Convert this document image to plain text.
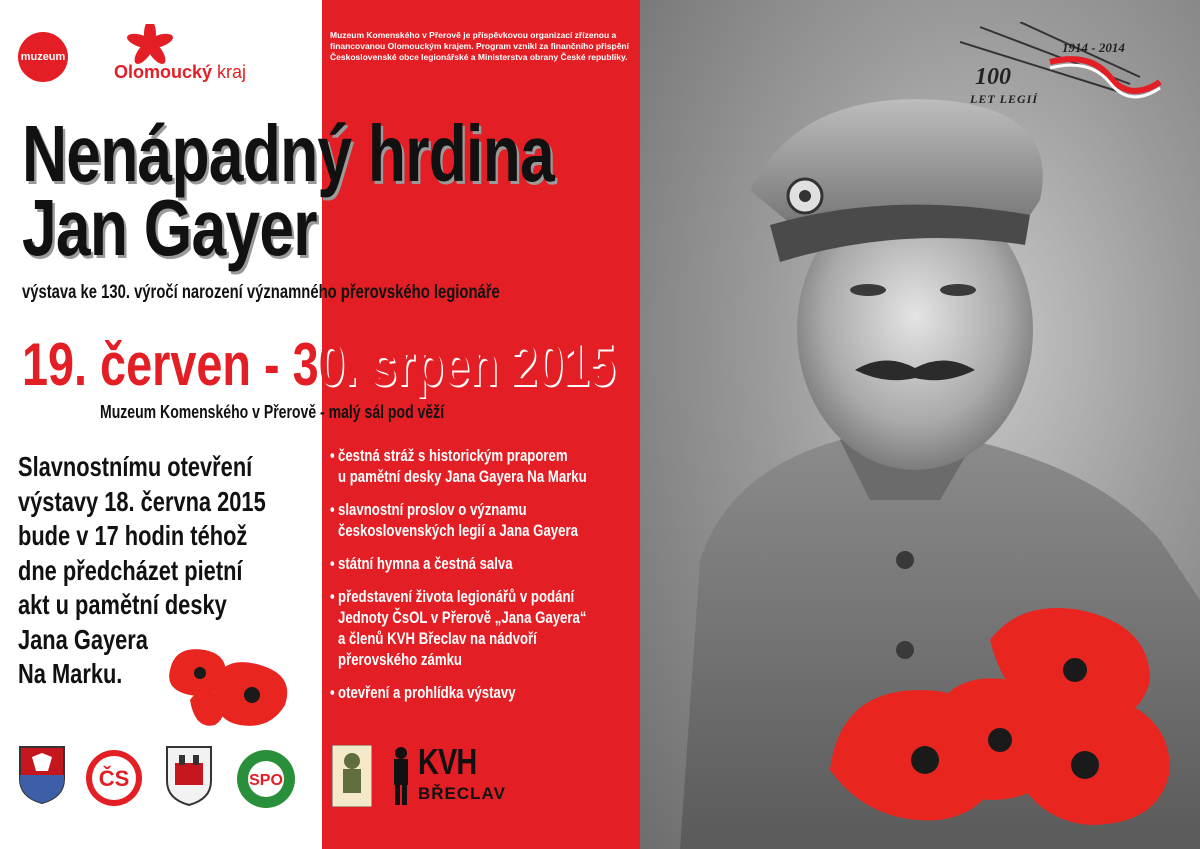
muzeum
Olomoucký kraj
Muzeum Komenského v Přerově je příspěvkovou organizací zřízenou a financovanou Olomouckým krajem. Program vznikl za finančního přispění Československé obce legionářské a Ministerstva obrany České republiky.
Nenápadný hrdina
Jan Gayer
výstava ke 130. výročí narození významného přerovského legionáře
19. červen - 30. srpen 2015
Muzeum Komenského v Přerově - malý sál pod věží
Slavnostnímu otevření
výstavy 18. června 2015
bude v 17 hodin téhož
dne předcházet pietní
akt u pamětní desky
Jana Gayera
Na Marku.
• čestná stráž s historickým praporem
u pamětní desky Jana Gayera Na Marku
• slavnostní proslov o významu
československých legií a Jana Gayera
• státní hymna a čestná salva
• představení života legionářů v podání
Jednoty ČsOL v Přerově „Jana Gayera“
a členů KVH Břeclav na nádvoří
přerovského zámku
• otevření a prohlídka výstavy
1914 - 2014
100
LET LEGIÍ
ČS	SPO	KVH
BŘECLAV
